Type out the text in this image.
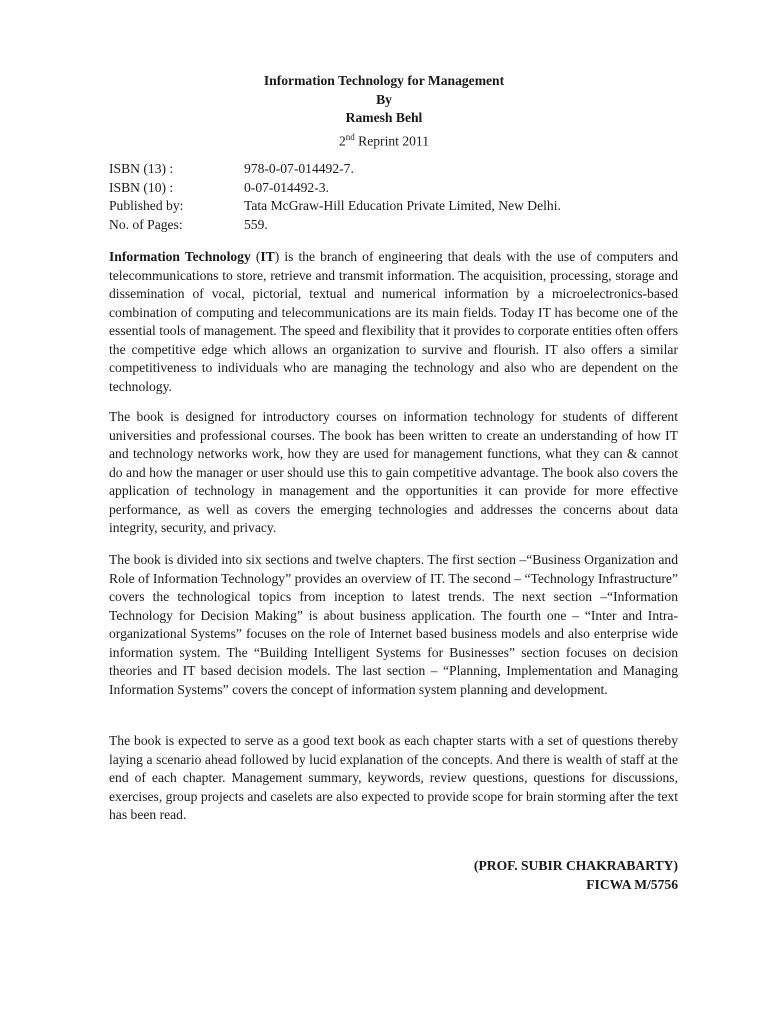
Information Technology for Management
By
Ramesh Behl
2nd Reprint 2011
ISBN (13) :	978-0-07-014492-7.
ISBN (10) :	0-07-014492-3.
Published by:	Tata McGraw-Hill Education Private Limited, New Delhi.
No. of Pages:	559.

Information Technology (IT) is the branch of engineering that deals with the use of computers and telecommunications to store, retrieve and transmit information. The acquisition, processing, storage and dissemination of vocal, pictorial, textual and numerical information by a microelectronics-based combination of computing and telecommunications are its main fields. Today IT has become one of the essential tools of management. The speed and flexibility that it provides to corporate entities often offers the competitive edge which allows an organization to survive and flourish. IT also offers a similar competitiveness to individuals who are managing the technology and also who are dependent on the technology.

The book is designed for introductory courses on information technology for students of different universities and professional courses. The book has been written to create an understanding of how IT and technology networks work, how they are used for management functions, what they can & cannot do and how the manager or user should use this to gain competitive advantage. The book also covers the application of technology in management and the opportunities it can provide for more effective performance, as well as covers the emerging technologies and addresses the concerns about data integrity, security, and privacy.

The book is divided into six sections and twelve chapters. The first section –“Business Organization and Role of Information Technology” provides an overview of IT. The second – “Technology Infrastructure” covers the technological topics from inception to latest trends. The next section –“Information Technology for Decision Making” is about business application. The fourth one – “Inter and Intra-organizational Systems” focuses on the role of Internet based business models and also enterprise wide information system. The “Building Intelligent Systems for Businesses” section focuses on decision theories and IT based decision models. The last section – “Planning, Implementation and Managing Information Systems” covers the concept of information system planning and development.

The book is expected to serve as a good text book as each chapter starts with a set of questions thereby laying a scenario ahead followed by lucid explanation of the concepts. And there is wealth of staff at the end of each chapter. Management summary, keywords, review questions, questions for discussions, exercises, group projects and caselets are also expected to provide scope for brain storming after the text has been read.

(PROF. SUBIR CHAKRABARTY)
FICWA M/5756
